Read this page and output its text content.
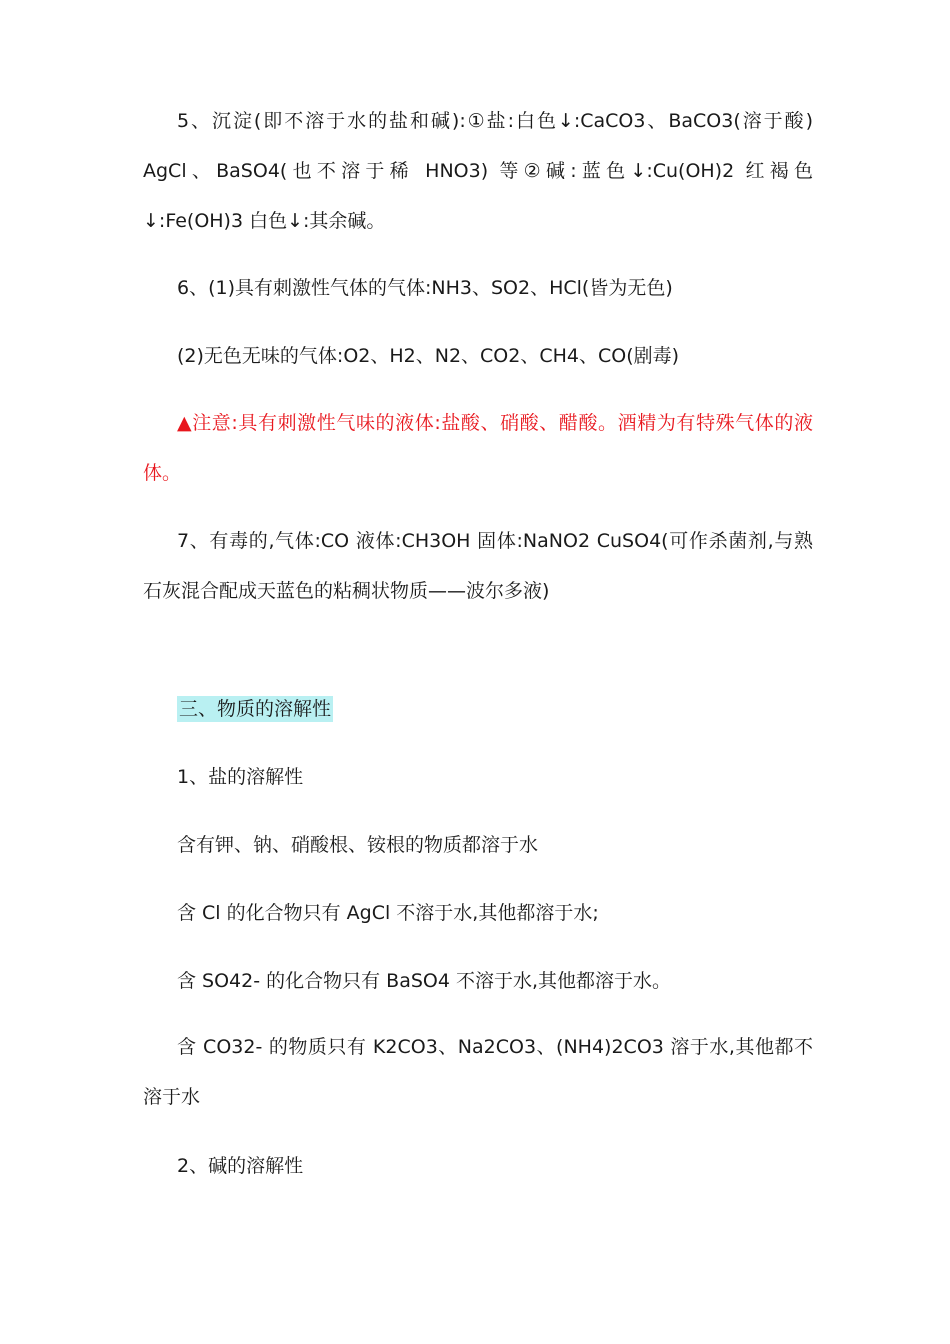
5、沉淀(即不溶于水的盐和碱):①盐:白色↓:CaCO3、BaCO3(溶于酸) AgCl、BaSO4(也不溶于稀 HNO3) 等②碱:蓝色↓:Cu(OH)2 红褐色↓:Fe(OH)3 白色↓:其余碱。

6、(1)具有刺激性气体的气体:NH3、SO2、HCl(皆为无色)

(2)无色无味的气体:O2、H2、N2、CO2、CH4、CO(剧毒)

▲注意:具有刺激性气味的液体:盐酸、硝酸、醋酸。酒精为有特殊气体的液体。

7、有毒的,气体:CO 液体:CH3OH 固体:NaNO2 CuSO4(可作杀菌剂,与熟石灰混合配成天蓝色的粘稠状物质——波尔多液)

三、物质的溶解性

1、盐的溶解性

含有钾、钠、硝酸根、铵根的物质都溶于水

含 Cl 的化合物只有 AgCl 不溶于水,其他都溶于水;

含 SO42- 的化合物只有 BaSO4 不溶于水,其他都溶于水。

含 CO32- 的物质只有 K2CO3、Na2CO3、(NH4)2CO3 溶于水,其他都不溶于水

2、碱的溶解性
